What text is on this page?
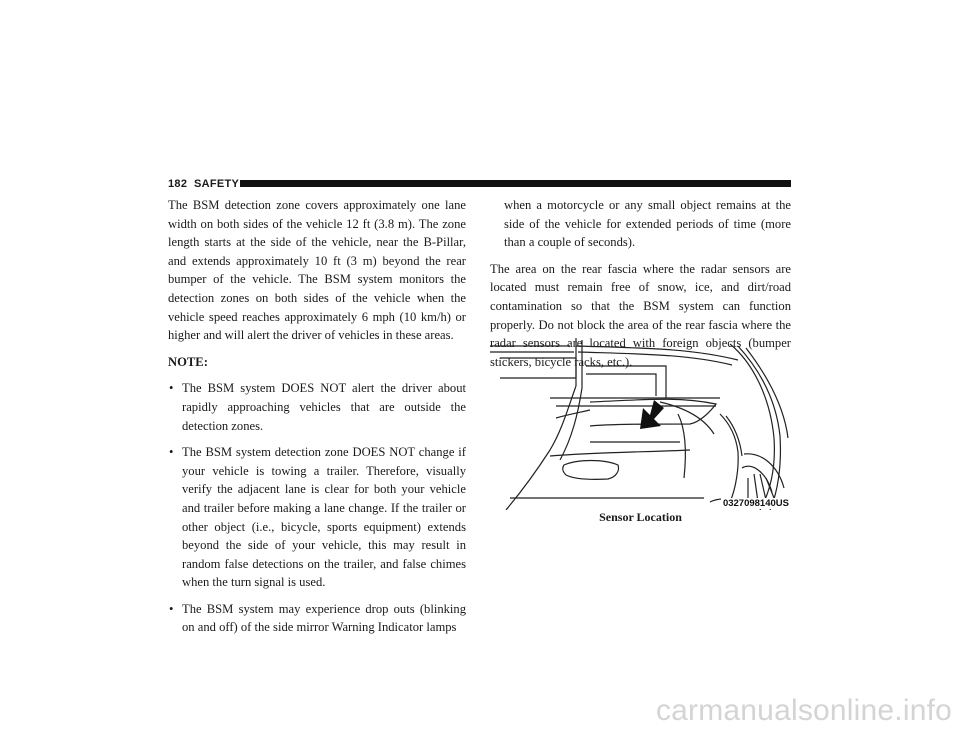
182 SAFETY

The BSM detection zone covers approximately one lane width on both sides of the vehicle 12 ft (3.8 m). The zone length starts at the side of the vehicle, near the B-Pillar, and extends approximately 10 ft (3 m) beyond the rear bumper of the vehicle. The BSM system monitors the detection zones on both sides of the vehicle when the vehicle speed reaches approximately 6 mph (10 km/h) or higher and will alert the driver of vehicles in these areas.

NOTE:

• The BSM system DOES NOT alert the driver about rapidly approaching vehicles that are outside the detection zones.
• The BSM system detection zone DOES NOT change if your vehicle is towing a trailer. Therefore, visually verify the adjacent lane is clear for both your vehicle and trailer before making a lane change. If the trailer or other object (i.e., bicycle, sports equipment) extends beyond the side of your vehicle, this may result in random false detections on the trailer, and false chimes when the turn signal is used.
• The BSM system may experience drop outs (blinking on and off) of the side mirror Warning Indicator lamps

when a motorcycle or any small object remains at the side of the vehicle for extended periods of time (more than a couple of seconds).

The area on the rear fascia where the radar sensors are located must remain free of snow, ice, and dirt/road contamination so that the BSM system can function properly. Do not block the area of the rear fascia where the radar sensors are located with foreign objects (bumper stickers, bicycle racks, etc.).

0327098140US
Sensor Location
carmanualsonline.info
